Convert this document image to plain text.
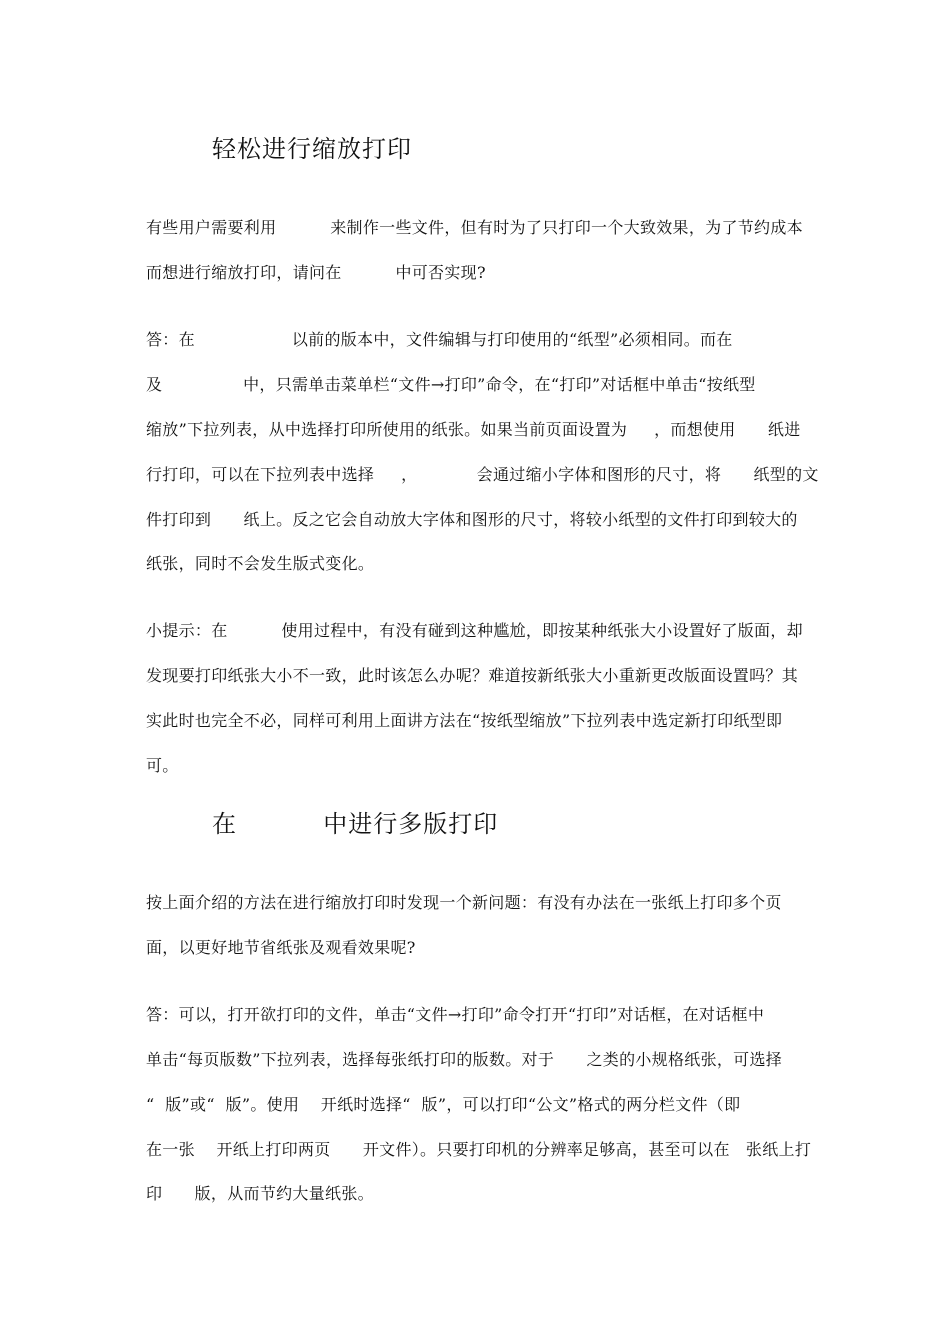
轻松进行缩放打印
有些用户需要利用          来制作一些文件，但有时为了只打印一个大致效果，为了节约成本
而想进行缩放打印，请问在          中可否实现?
答：在                  以前的版本中，文件编辑与打印使用的“纸型”必须相同。而在
及               中，只需单击菜单栏“文件→打印”命令，在“打印”对话框中单击“按纸型
缩放”下拉列表，从中选择打印所使用的纸张。如果当前页面设置为     ，而想使用      纸进
行打印，可以在下拉列表中选择     ，           会通过缩小字体和图形的尺寸，将      纸型的文
件打印到      纸上。反之它会自动放大字体和图形的尺寸，将较小纸型的文件打印到较大的
纸张，同时不会发生版式变化。
小提示：在          使用过程中，有没有碰到这种尴尬，即按某种纸张大小设置好了版面，却
发现要打印纸张大小不一致，此时该怎么办呢？难道按新纸张大小重新更改版面设置吗？其
实此时也完全不必，同样可利用上面讲方法在“按纸型缩放”下拉列表中选定新打印纸型即
可。
在          中进行多版打印
按上面介绍的方法在进行缩放打印时发现一个新问题：有没有办法在一张纸上打印多个页
面，以更好地节省纸张及观看效果呢?
答：可以，打开欲打印的文件，单击“文件→打印”命令打开“打印”对话框，在对话框中
单击“每页版数”下拉列表，选择每张纸打印的版数。对于      之类的小规格纸张，可选择
“  版”或“  版”。使用    开纸时选择“  版”，可以打印“公文”格式的两分栏文件（即
在一张    开纸上打印两页      开文件）。只要打印机的分辨率足够高，甚至可以在   张纸上打
印      版，从而节约大量纸张。
